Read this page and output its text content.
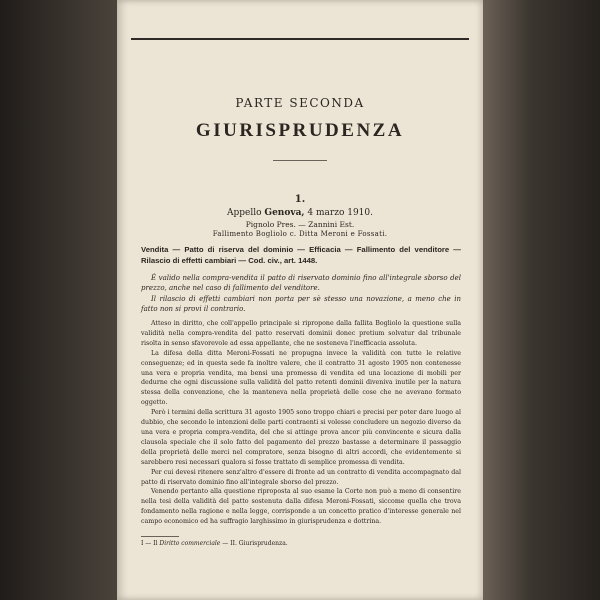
PARTE SECONDA
GIURISPRUDENZA
1.
Appello Genova, 4 marzo 1910.
Pignolo Pres. — Zannini Est.
Fallimento Bogliolo c. Ditta Meroni e Fossati.
Vendita — Patto di riserva del dominio — Efficacia — Fallimento del venditore — Rilascio di effetti cambiari — Cod. civ., art. 1448.

È valido nella compra-vendita il patto di riservato dominio fino all'integrale sborso del prezzo, anche nel caso di fallimento del venditore.

Il rilascio di effetti cambiari non porta per sè stesso una novazione, a meno che in fatto non si provi il contrario.

Atteso in diritto, che coll'appello principale si ripropone dalla fallita Bogliolo la questione sulla validità nella compra-vendita del patto reservati dominii donec pretium solvatur dal tribunale risolta in senso sfavorevole ad essa appellante, che ne sosteneva l'inefficacia assoluta.

La difesa della ditta Meroni-Fossati ne propugna invece la validità con tutte le relative conseguenze; ed in questa sede fa inoltre valere, che il contratto 31 agosto 1905 non contenesse una vera e propria vendita, ma bensì una promessa di vendita ed una locazione di mobili per dedurne che ogni discussione sulla validità del patto retenti dominii diveniva inutile per la natura stessa della convenzione, che la manteneva nella proprietà delle cose che ne avevano formato oggetto.

Però i termini della scrittura 31 agosto 1905 sono troppo chiari e precisi per poter dare luogo al dubbio, che secondo le intenzioni delle parti contraenti si volesse concludere un negozio diverso da una vera e propria compra-vendita, del che si attinge prova ancor più convincente e sicura dalla clausola speciale che il solo fatto del pagamento del prezzo bastasse a determinare il passaggio della proprietà delle merci nel compratore, senza bisogno di altri accordi, che evidentemente si sarebbero resi necessari qualora si fosse trattato di semplice promessa di vendita.

Per cui devesi ritenere senz'altro d'essere di fronte ad un contratto di vendita accompagnato dal patto di riservato dominio fino all'integrale sborso del prezzo.

Venendo pertanto alla questione riproposta al suo esame la Corte non può a meno di consentire nella tesi della validità del patto sostenuta dalla difesa Meroni-Fossati, siccome quella che trova fondamento nella ragione e nella legge, corrisponde a un concetto pratico d'interesse generale nel campo economico ed ha suffragio larghissimo in giurisprudenza e dottrina.

I — Il Diritto commerciale — II. Giurisprudenza.
